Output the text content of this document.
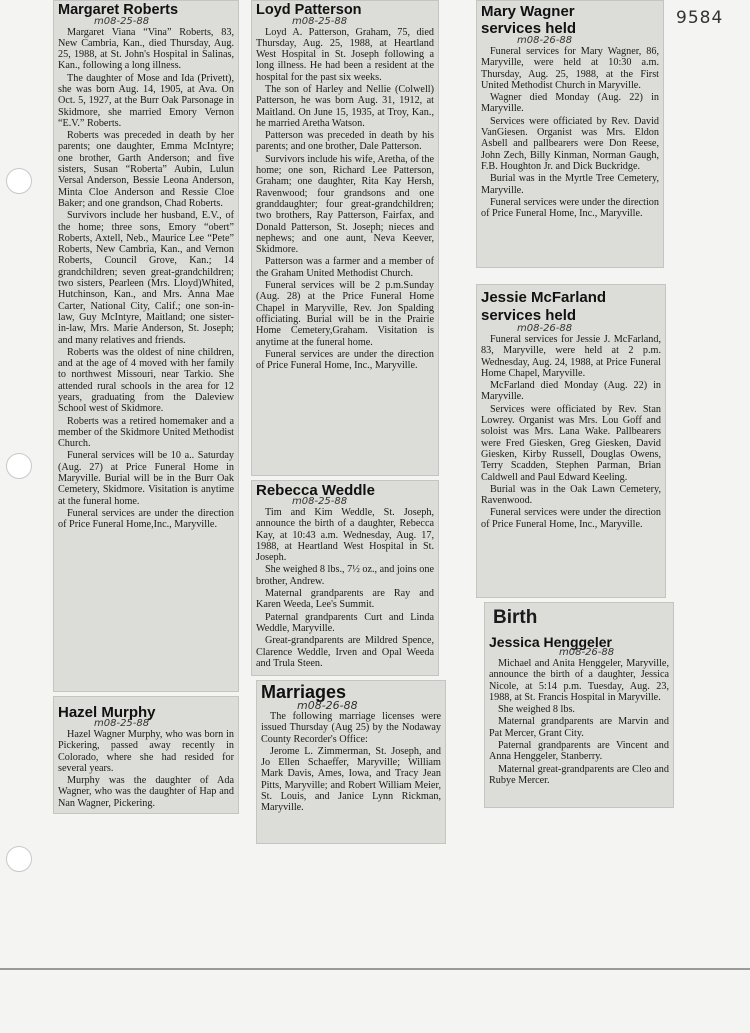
9584
Margaret Roberts
m08-25-88

Margaret Viana “Vina” Roberts, 83, New Cambria, Kan., died Thursday, Aug. 25, 1988, at St. John's Hospital in Salinas, Kan., following a long illness.

The daughter of Mose and Ida (Privett), she was born Aug. 14, 1905, at Ava. On Oct. 5, 1927, at the Burr Oak Parsonage in Skidmore, she married Emory Vernon “E.V.” Roberts.

Roberts was preceded in death by her parents; one daughter, Emma McIntyre; one brother, Garth Anderson; and five sisters, Susan “Roberta” Aubin, Lulun Versal Anderson, Bessie Leona Anderson, Minta Cloe Anderson and Ressie Cloe Baker; and one grandson, Chad Roberts.

Survivors include her husband, E.V., of the home; three sons, Emory “obert” Roberts, Axtell, Neb., Maurice Lee “Pete” Roberts, New Cambria, Kan., and Vernon Roberts, Council Grove, Kan.; 14 grandchildren; seven great-grandchildren; two sisters, Pearleen (Mrs. Lloyd)Whited, Hutchinson, Kan., and Mrs. Anna Mae Carter, National City, Calif.; one son-in-law, Guy McIntyre, Maitland; one sister-in-law, Mrs. Marie Anderson, St. Joseph; and many relatives and friends.

Roberts was the oldest of nine children, and at the age of 4 moved with her family to northwest Missouri, near Tarkio. She attended rural schools in the area for 12 years, graduating from the Daleview School west of Skidmore.

Roberts was a retired homemaker and a member of the Skidmore United Methodist Church.

Funeral services will be 10 a.. Saturday (Aug. 27) at Price Funeral Home in Maryville. Burial will be in the Burr Oak Cemetery, Skidmore. Visitation is anytime at the funeral home.

Funeral services are under the direction of Price Funeral Home,Inc., Maryville.

Hazel Murphy
m08-25-88

Hazel Wagner Murphy, who was born in Pickering, passed away recently in Colorado, where she had resided for several years.

Murphy was the daughter of Ada Wagner, who was the daughter of Hap and Nan Wagner, Pickering.

Loyd Patterson
m08-25-88

Loyd A. Patterson, Graham, 75, died Thursday, Aug. 25, 1988, at Heartland West Hospital in St. Joseph following a long illness. He had been a resident at the hospital for the past six weeks.

The son of Harley and Nellie (Colwell) Patterson, he was born Aug. 31, 1912, at Maitland. On June 15, 1935, at Troy, Kan., he married Aretha Watson.

Patterson was preceded in death by his parents; and one brother, Dale Patterson.

Survivors include his wife, Aretha, of the home; one son, Richard Lee Patterson, Graham; one daughter, Rita Kay Hersh, Ravenwood; four grandsons and one granddaughter; four great-grandchildren; two brothers, Ray Patterson, Fairfax, and Donald Patterson, St. Joseph; nieces and nephews; and one aunt, Neva Keever, Skidmore.

Patterson was a farmer and a member of the Graham United Methodist Church.

Funeral services will be 2 p.m.Sunday (Aug. 28) at the Price Funeral Home Chapel in Maryville, Rev. Jon Spalding officiating. Burial will be in the Prairie Home Cemetery,Graham. Visitation is anytime at the funeral home.

Funeral services are under the direction of Price Funeral Home, Inc., Maryville.

Rebecca Weddle
m08-25-88

Tim and Kim Weddle, St. Joseph, announce the birth of a daughter, Rebecca Kay, at 10:43 a.m. Wednesday, Aug. 17, 1988, at Heartland West Hospital in St. Joseph.

She weighed 8 lbs., 7½ oz., and joins one brother, Andrew.

Maternal grandparents are Ray and Karen Weeda, Lee's Summit.

Paternal grandparents Curt and Linda Weddle, Maryville.

Great-grandparents are Mildred Spence, Clarence Weddle, Irven and Opal Weeda and Trula Steen.

Marriages
m08-26-88

The following marriage licenses were issued Thursday (Aug 25) by the Nodaway County Recorder's Office:

Jerome L. Zimmerman, St. Joseph, and Jo Ellen Schaeffer, Maryville; William Mark Davis, Ames, Iowa, and Tracy Jean Pitts, Maryville; and Robert William Meier, St. Louis, and Janice Lynn Rickman, Maryville.

Mary Wagner services held
m08-26-88

Funeral services for Mary Wagner, 86, Maryville, were held at 10:30 a.m. Thursday, Aug. 25, 1988, at the First United Methodist Church in Maryville.

Wagner died Monday (Aug. 22) in Maryville.

Services were officiated by Rev. David VanGiesen. Organist was Mrs. Eldon Asbell and pallbearers were Don Reese, John Zech, Billy Kinman, Norman Gaugh, F.B. Houghton Jr. and Dick Buckridge.

Burial was in the Myrtle Tree Cemetery, Maryville.

Funeral services were under the direction of Price Funeral Home, Inc., Maryville.

Jessie McFarland services held
m08-26-88

Funeral services for Jessie J. McFarland, 83, Maryville, were held at 2 p.m. Wednesday, Aug. 24, 1988, at Price Funeral Home Chapel, Maryville.

McFarland died Monday (Aug. 22) in Maryville.

Services were officiated by Rev. Stan Lowrey. Organist was Mrs. Lou Goff and soloist was Mrs. Lana Wake. Pallbearers were Fred Giesken, Greg Giesken, David Giesken, Kirby Russell, Douglas Owens, Terry Scadden, Stephen Parman, Brian Caldwell and Paul Edward Keeling.

Burial was in the Oak Lawn Cemetery, Ravenwood.

Funeral services were under the direction of Price Funeral Home, Inc., Maryville.

Birth
Jessica Henggeler
m08-26-88

Michael and Anita Henggeler, Maryville, announce the birth of a daughter, Jessica Nicole, at 5:14 p.m. Tuesday, Aug. 23, 1988, at St. Francis Hospital in Maryville.

She weighed 8 lbs.

Maternal grandparents are Marvin and Pat Mercer, Grant City.

Paternal grandparents are Vincent and Anna Henggeler, Stanberry.

Maternal great-grandparents are Cleo and Rubye Mercer.
